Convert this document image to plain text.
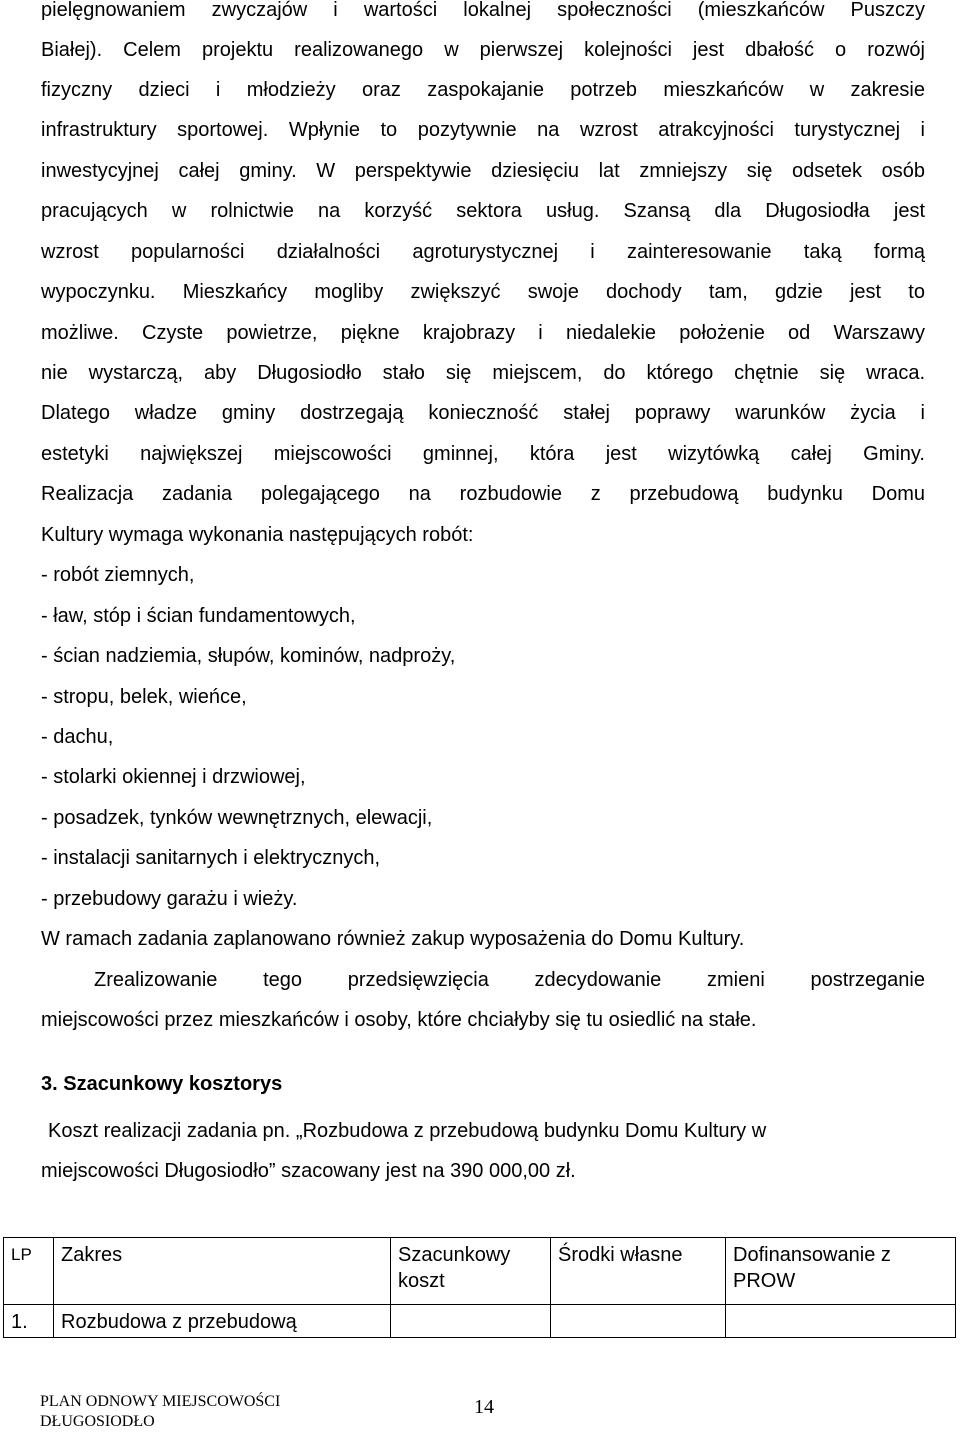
pielęgnowaniem zwyczajów i wartości lokalnej społeczności (mieszkańców Puszczy
Białej). Celem projektu realizowanego w pierwszej kolejności jest dbałość o rozwój
fizyczny dzieci i młodzieży oraz zaspokajanie potrzeb mieszkańców w zakresie
infrastruktury sportowej. Wpłynie to pozytywnie na wzrost atrakcyjności turystycznej i
inwestycyjnej całej gminy. W perspektywie dziesięciu lat zmniejszy się odsetek osób
pracujących w rolnictwie na korzyść sektora usług. Szansą dla Długosiodła jest
wzrost popularności działalności agroturystycznej i zainteresowanie taką formą
wypoczynku. Mieszkańcy mogliby zwiększyć swoje dochody tam, gdzie jest to
możliwe. Czyste powietrze, piękne krajobrazy i niedalekie położenie od Warszawy
nie wystarczą, aby Długosiodło stało się miejscem, do którego chętnie się wraca.
Dlatego władze gminy dostrzegają konieczność stałej poprawy warunków życia i
estetyki największej miejscowości gminnej, która jest wizytówką całej Gminy.
Realizacja zadania polegającego na rozbudowie z przebudową budynku Domu
Kultury wymaga wykonania następujących robót:
- robót ziemnych,
- ław, stóp i ścian fundamentowych,
- ścian nadziemia, słupów, kominów, nadproży,
- stropu, belek, wieńce,
- dachu,
- stolarki okiennej i drzwiowej,
- posadzek, tynków wewnętrznych, elewacji,
- instalacji sanitarnych i elektrycznych,
- przebudowy garażu i wieży.
W ramach zadania zaplanowano również zakup wyposażenia do Domu Kultury.
Zrealizowanie tego przedsięwzięcia zdecydowanie zmieni postrzeganie
miejscowości przez mieszkańców i osoby, które chciałyby się tu osiedlić na stałe.
3. Szacunkowy kosztorys
Koszt realizacji zadania pn. „Rozbudowa z przebudową budynku Domu Kultury w
miejscowości Długosiodło” szacowany jest na 390 000,00 zł.
LP	Zakres	Szacunkowy koszt	Środki własne	Dofinansowanie z PROW
1.	Rozbudowa z przebudową			
PLAN ODNOWY MIEJSCOWOŚCI
DŁUGOSIODŁO
14
